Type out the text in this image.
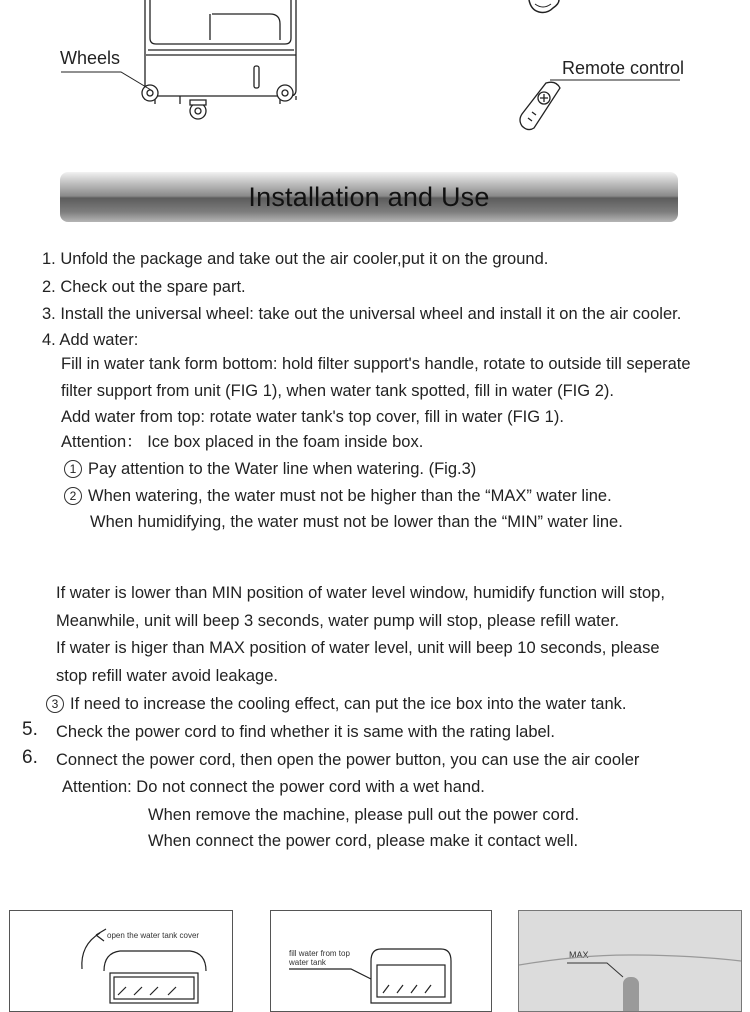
Wheels	Remote control
Installation and Use
1. Unfold the package and take out the air cooler,put it on the ground.
2. Check out the spare part.
3. Install the universal wheel: take out the universal wheel and install it on the air cooler.
4. Add water:
Fill in water tank form bottom: hold filter support's handle, rotate to outside till seperate
filter support from unit (FIG 1), when water tank spotted, fill in water (FIG 2).
Add water from top: rotate water tank's top cover, fill in water (FIG 1).
Attention： Ice box placed in the foam inside box.
1 Pay attention to the Water line when watering. (Fig.3)
2 When watering, the water must not be higher than the “MAX” water line.
When humidifying, the water must not be lower than the “MIN” water line.
If water is lower than MIN position of water level window, humidify function will stop,
Meanwhile, unit will beep 3 seconds, water pump will stop, please refill water.
If water is higer than MAX position of water level, unit will beep 10 seconds, please
stop refill water avoid leakage.
3 If need to increase the cooling effect, can put the ice box into the water tank.
5. Check the power cord to find whether it is same with the rating label.
6. Connect the power cord, then open the power button, you can use the air cooler
Attention: Do not connect the power cord with a wet hand.
When remove the machine, please pull out the power cord.
When connect the power cord, please make it contact well.
open the water tank cover
fill water from top
water tank
MAX
